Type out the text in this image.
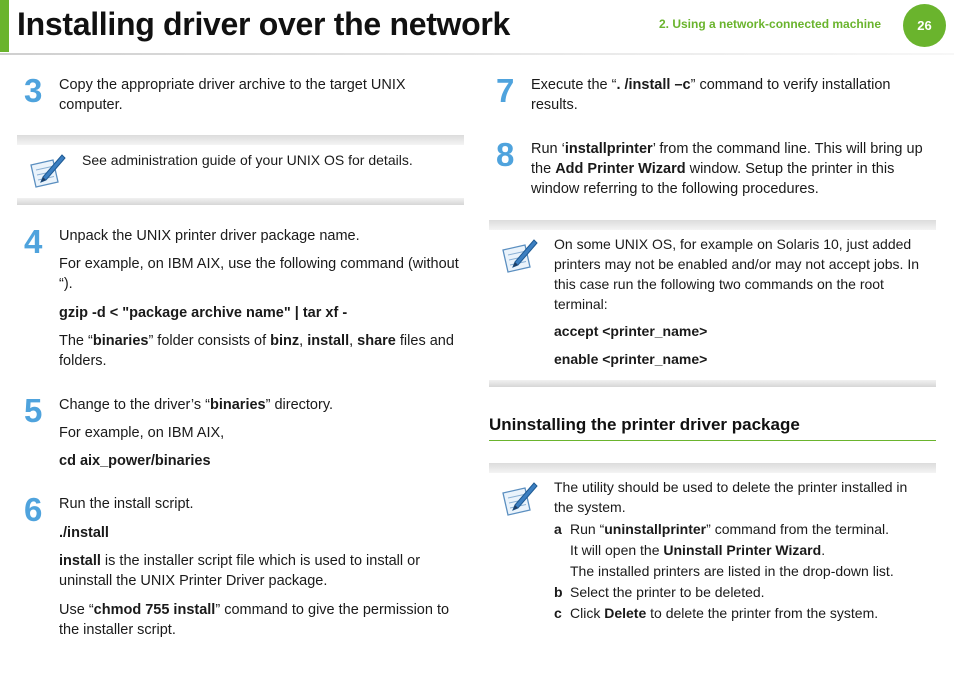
Installing driver over the network	2. Using a network-connected machine	26
3 Copy the appropriate driver archive to the target UNIX computer.
See administration guide of your UNIX OS for details.
4 Unpack the UNIX printer driver package name.
For example, on IBM AIX, use the following command (without “).
gzip -d < "package archive name" | tar xf -
The “binaries” folder consists of binz, install, share files and folders.
5 Change to the driver’s “binaries” directory.
For example, on IBM AIX,
cd aix_power/binaries
6 Run the install script.
./install
install is the installer script file which is used to install or uninstall the UNIX Printer Driver package.
Use “chmod 755 install” command to give the permission to the installer script.
7 Execute the “. /install –c” command to verify installation results.
8 Run ‘installprinter’ from the command line. This will bring up the Add Printer Wizard window. Setup the printer in this window referring to the following procedures.
On some UNIX OS, for example on Solaris 10, just added printers may not be enabled and/or may not accept jobs. In this case run the following two commands on the root terminal:
accept <printer_name>
enable <printer_name>
Uninstalling the printer driver package
The utility should be used to delete the printer installed in the system.
a Run “uninstallprinter” command from the terminal.
It will open the Uninstall Printer Wizard.
The installed printers are listed in the drop-down list.
b Select the printer to be deleted.
c Click Delete to delete the printer from the system.
